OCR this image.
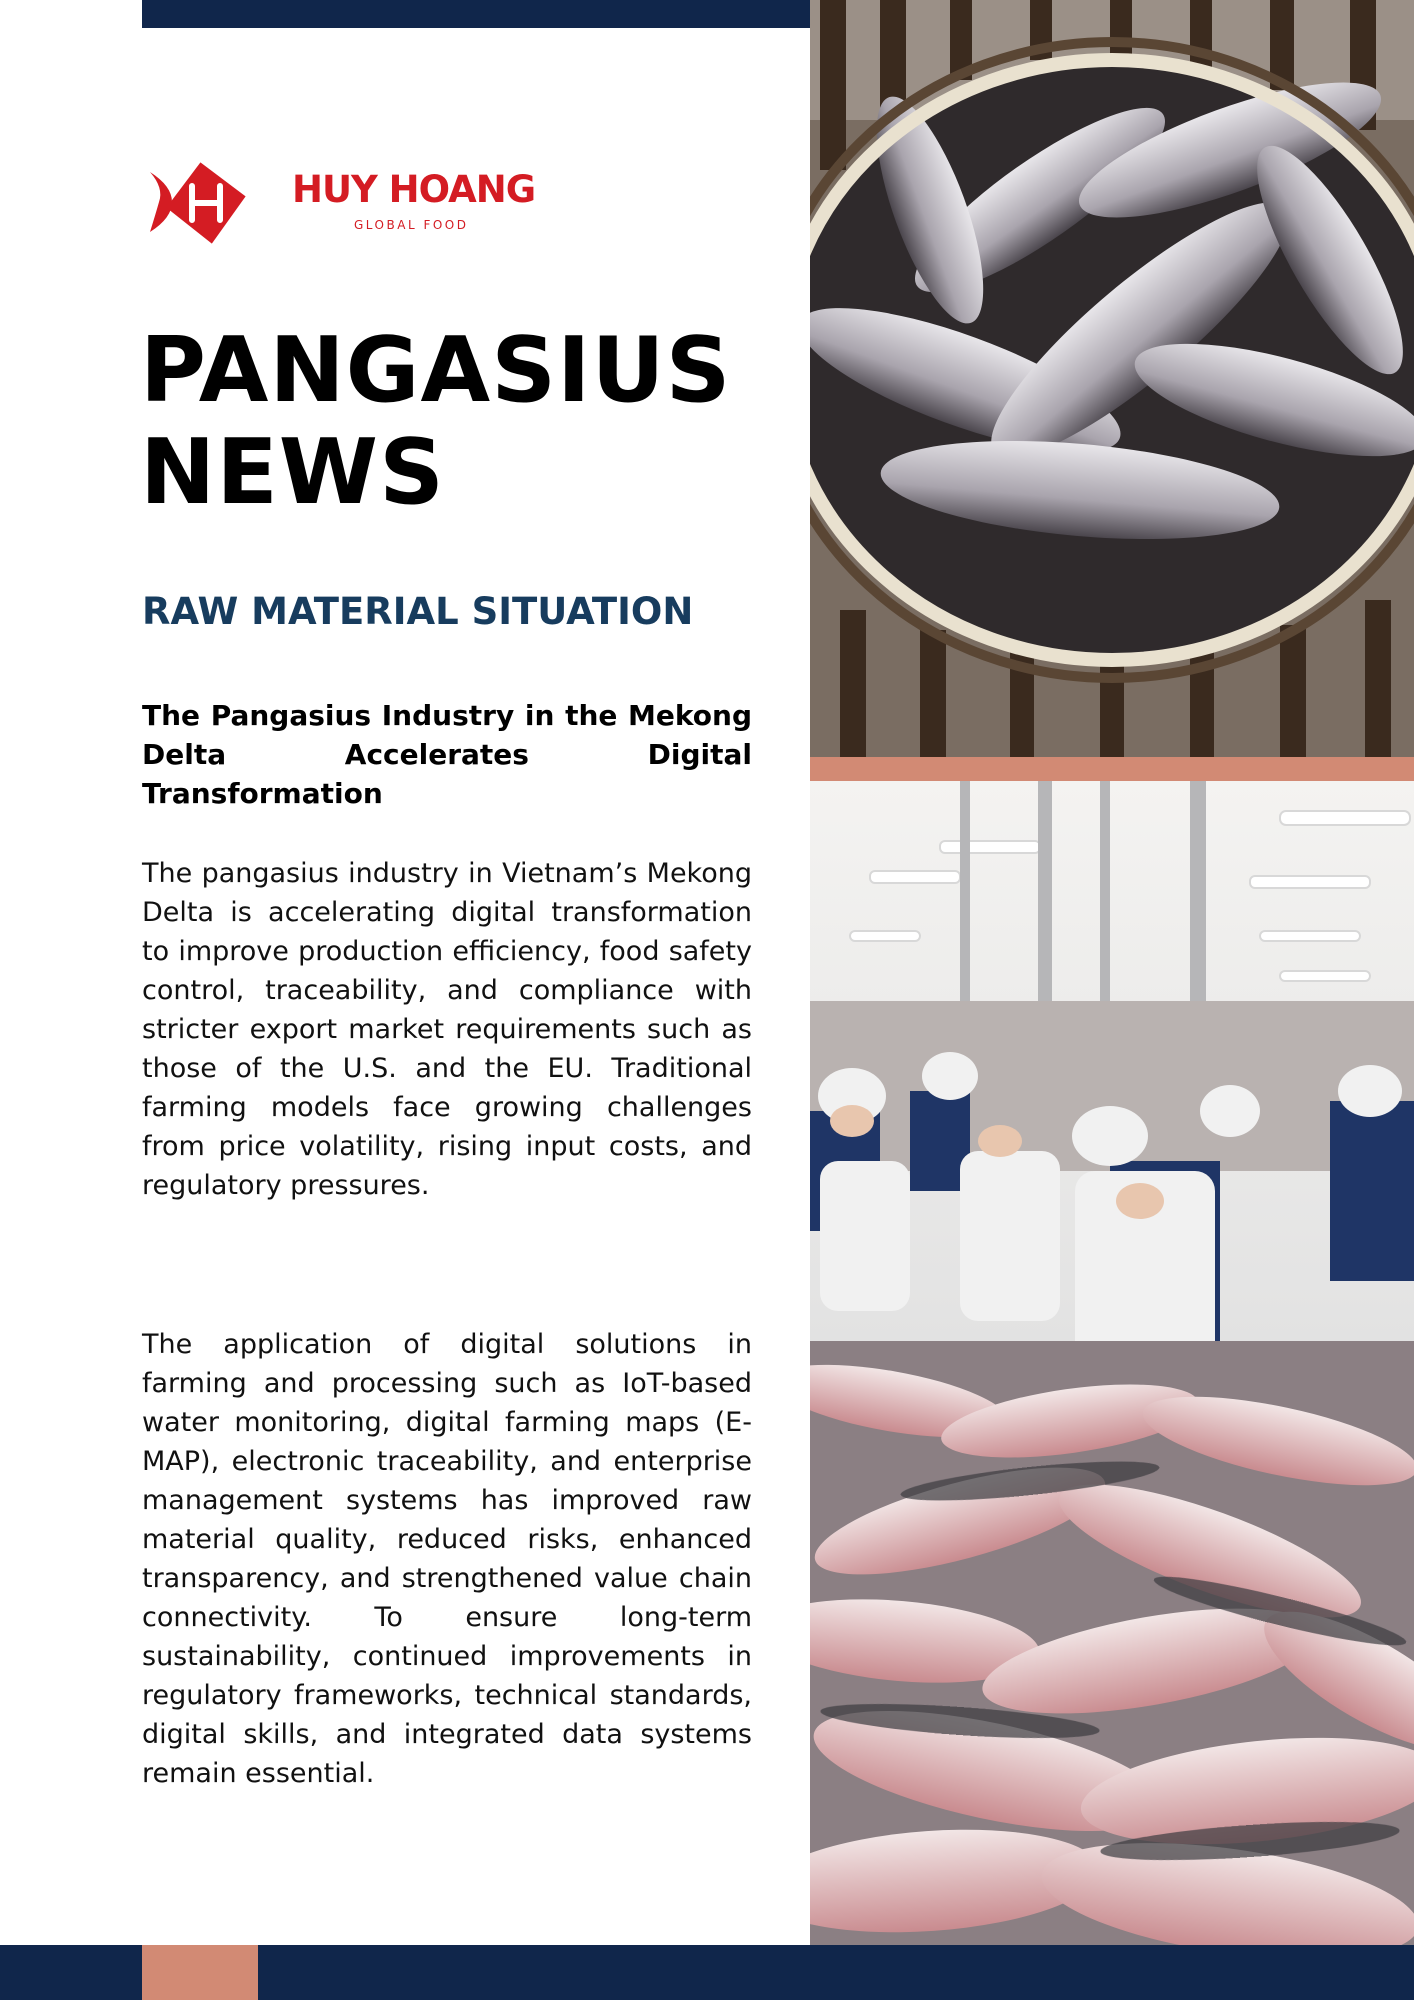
HUY HOANG
GLOBAL FOOD
PANGASIUS
NEWS
RAW MATERIAL SITUATION
The Pangasius Industry in the Mekong Delta Accelerates Digital Transformation

The pangasius industry in Vietnam’s Mekong Delta is accelerating digital transformation to improve production efficiency, food safety control, traceability, and compliance with stricter export market requirements such as those of the U.S. and the EU. Traditional farming models face growing challenges from price volatility, rising input costs, and regulatory pressures.

The application of digital solutions in farming and processing such as IoT-based water monitoring, digital farming maps (E-MAP), electronic traceability, and enterprise management systems has improved raw material quality, reduced risks, enhanced transparency, and strengthened value chain connectivity. To ensure long-term sustainability, continued improvements in regulatory frameworks, technical standards, digital skills, and integrated data systems remain essential.
